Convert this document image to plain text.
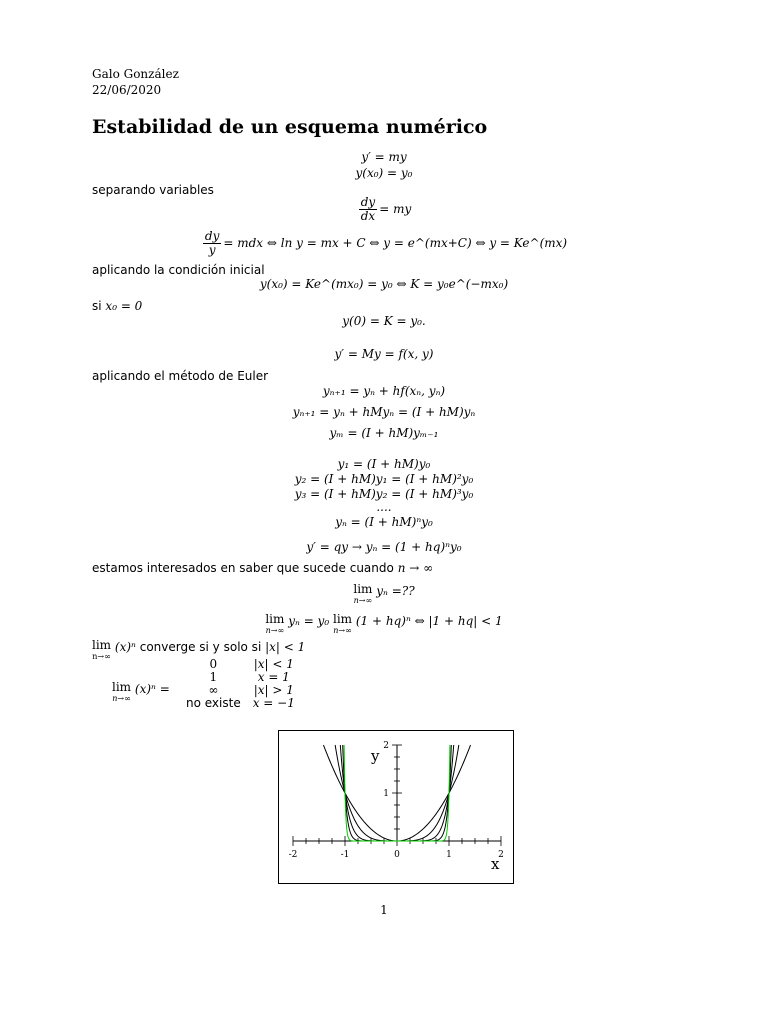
Galo González
22/06/2020
Estabilidad de un esquema numérico
y′ = my
y(x₀) = y₀
separando variables
$\frac{dy}{dx}$ = my
$\frac{dy}{y}$ = mdx ⇔ ln y = mx + C ⇔ y = e^(mx+C) ⇔ y = Ke^(mx)
aplicando la condición inicial
y(x₀) = Ke^(mx₀) = y₀ ⇔ K = y₀e^(−mx₀)
si x₀ = 0
y(0) = K = y₀.
y′ = My = f(x, y)
aplicando el método de Euler
yₙ₊₁ = yₙ + hf(xₙ, yₙ)
yₙ₊₁ = yₙ + hMyₙ = (I + hM)yₙ
yₘ = (I + hM)yₘ₋₁
y₁ = (I + hM)y₀
y₂ = (I + hM)y₁ = (I + hM)²y₀
y₃ = (I + hM)y₂ = (I + hM)³y₀
....
yₙ = (I + hM)ⁿy₀
y′ = qy → yₙ = (1 + hq)ⁿy₀
estamos interesados en saber que sucede cuando n → ∞
lim
n→∞
yₙ =??
lim
n→∞
yₙ = y₀ lim
n→∞
(1 + hq)ⁿ ⇔ |1 + hq| < 1
lim
n→∞
(x)ⁿ converge si y solo si |x| < 1
lim
n→∞
(x)ⁿ =
0	|x| < 1
1	x = 1
∞	|x| > 1
no existe	x = −1
-2	-1	0	1	2
1
2
x
y
1
